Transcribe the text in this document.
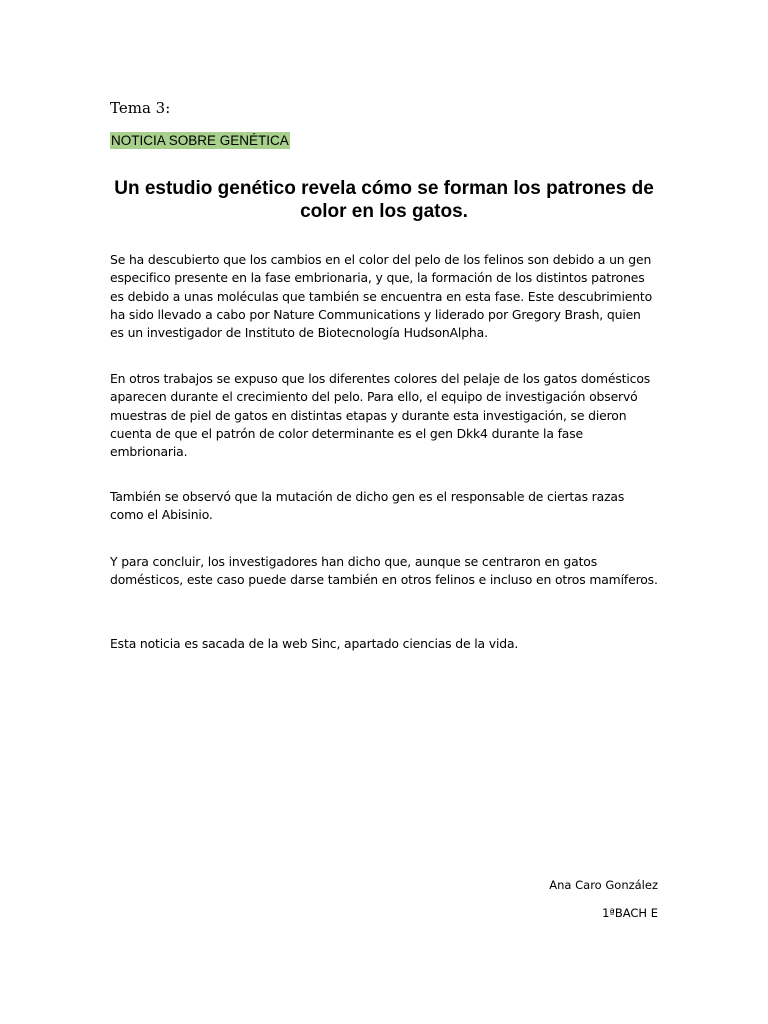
Tema 3:

NOTICIA SOBRE GENÉTICA

Un estudio genético revela cómo se forman los patrones de color en los gatos.

Se ha descubierto que los cambios en el color del pelo de los felinos son debido a un gen especifico presente en la fase embrionaria, y que, la formación de los distintos patrones es debido a unas moléculas que también se encuentra en esta fase. Este descubrimiento ha sido llevado a cabo por Nature Communications y liderado por Gregory Brash, quien es un investigador de Instituto de Biotecnología HudsonAlpha.

En otros trabajos se expuso que los diferentes colores del pelaje de los gatos domésticos aparecen durante el crecimiento del pelo. Para ello, el equipo de investigación observó muestras de piel de gatos en distintas etapas y durante esta investigación, se dieron cuenta de que el patrón de color determinante es el gen Dkk4 durante la fase embrionaria.

También se observó que la mutación de dicho gen es el responsable de ciertas razas como el Abisinio.

Y para concluir, los investigadores han dicho que, aunque se centraron en gatos domésticos, este caso puede darse también en otros felinos e incluso en otros mamíferos.

Esta noticia es sacada de la web Sinc, apartado ciencias de la vida.

Ana Caro González

1ªBACH E
